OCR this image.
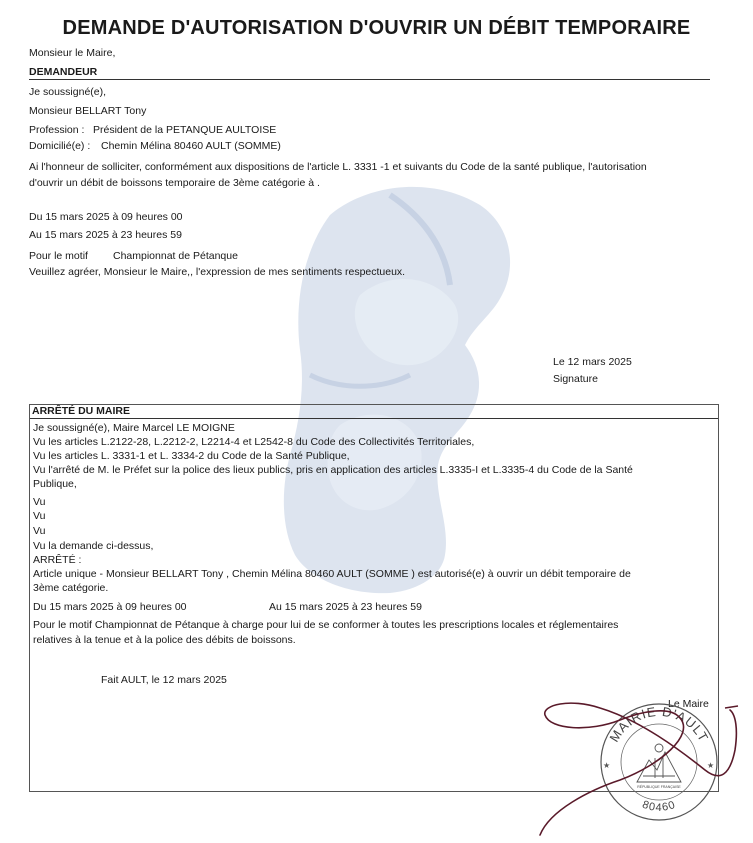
DEMANDE D'AUTORISATION D'OUVRIR UN DÉBIT TEMPORAIRE
Monsieur le Maire,
DEMANDEUR
Je soussigné(e),
Monsieur BELLART Tony
Profession : Président de la PETANQUE AULTOISE
Domicilié(e) : Chemin Mélina 80460 AULT (SOMME)
Ai l'honneur de solliciter, conformément aux dispositions de l'article L. 3331 -1 et suivants du Code de la santé publique, l'autorisation
d'ouvrir un débit de boissons temporaire de 3ème catégorie à .
Du 15 mars 2025 à 09 heures 00
Au 15 mars 2025 à 23 heures 59
Pour le motif Championnat de Pétanque
Veuillez agréer, Monsieur le Maire,, l'expression de mes sentiments respectueux.
Le 12 mars 2025
Signature
ARRÊTÉ DU MAIRE
Je soussigné(e), Maire Marcel LE MOIGNE
Vu les articles L.2122-28, L.2212-2, L2214-4 et L2542-8 du Code des Collectivités Territoriales,
Vu les articles L. 3331-1 et L. 3334-2 du Code de la Santé Publique,
Vu l'arrêté de M. le Préfet sur la police des lieux publics, pris en application des articles L.3335-I et L.3335-4 du Code de la Santé
Publique,
Vu
Vu
Vu
Vu la demande ci-dessus,
ARRÊTÉ :
Article unique - Monsieur BELLART Tony , Chemin Mélina 80460 AULT (SOMME ) est autorisé(e) à ouvrir un débit temporaire de
3ème catégorie.
Du 15 mars 2025 à 09 heures 00	Au 15 mars 2025 à 23 heures 59
Pour le motif Championnat de Pétanque à charge pour lui de se conformer à toutes les prescriptions locales et réglementaires
relatives à la tenue et à la police des débits de boissons.
Fait AULT, le 12 mars 2025
Le Maire
MAIRIE D'AULT
80460
RÉPUBLIQUE FRANÇAISE
★	★
